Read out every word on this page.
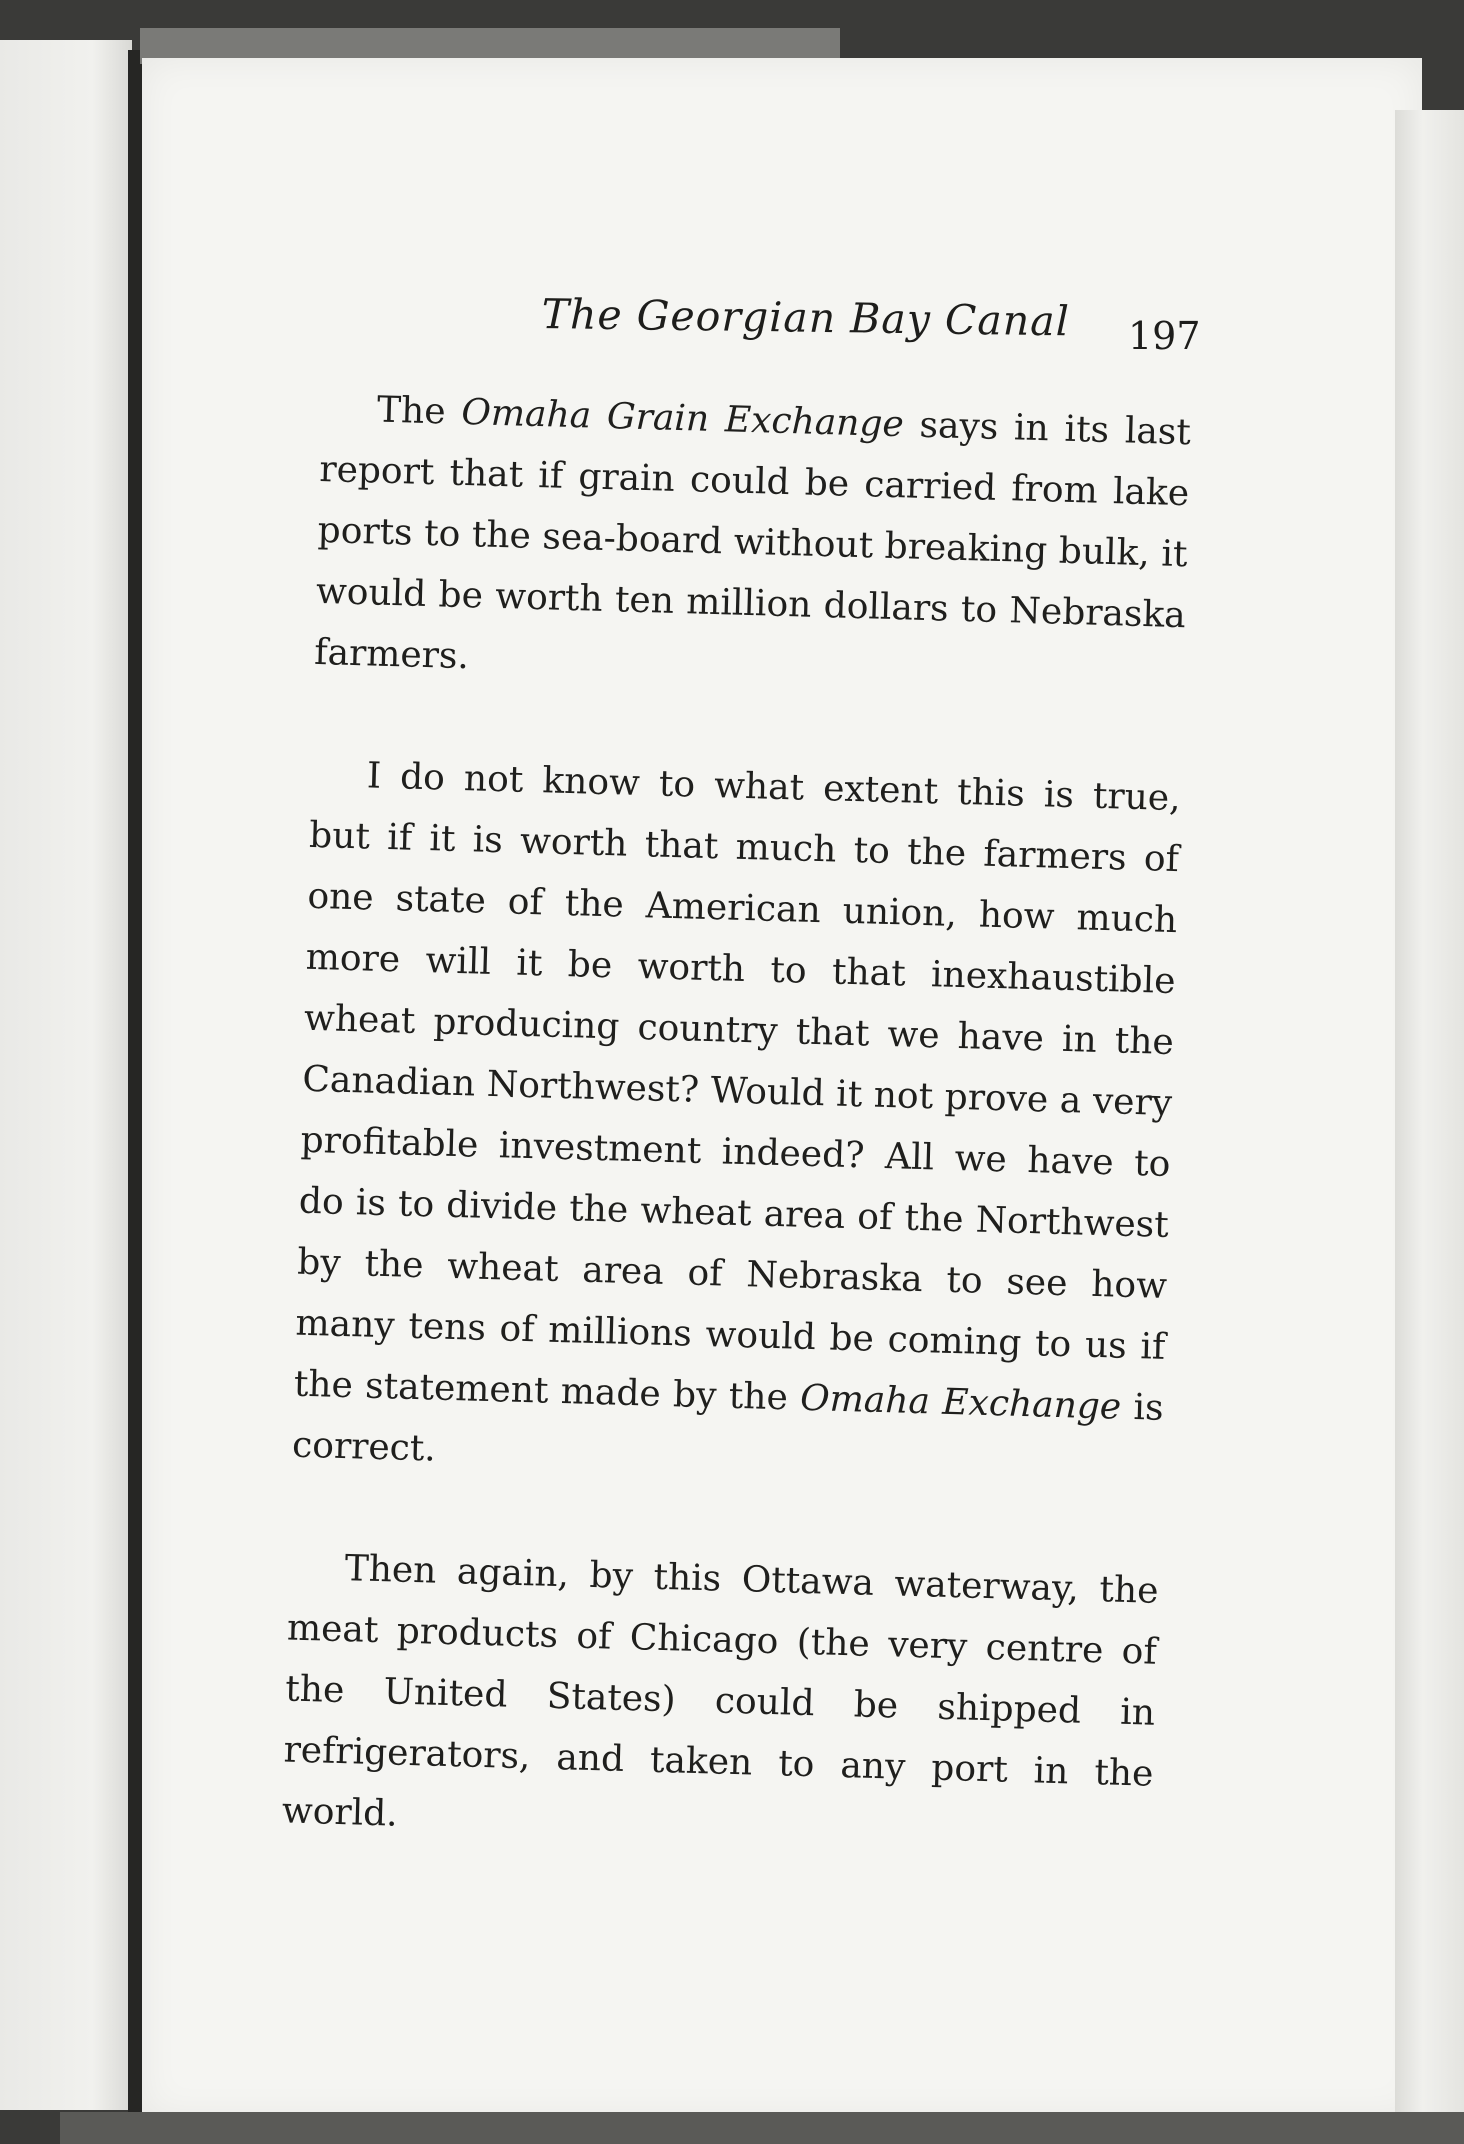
The Georgian Bay Canal 197

The Omaha Grain Exchange says in its last report that if grain could be carried from lake ports to the sea-board without breaking bulk, it would be worth ten million dollars to Nebraska farmers.

I do not know to what extent this is true, but if it is worth that much to the farmers of one state of the American union, how much more will it be worth to that inexhaustible wheat producing country that we have in the Canadian Northwest? Would it not prove a very profitable investment indeed? All we have to do is to divide the wheat area of the Northwest by the wheat area of Nebraska to see how many tens of millions would be coming to us if the statement made by the Omaha Exchange is correct.

Then again, by this Ottawa waterway, the meat products of Chicago (the very centre of the United States) could be shipped in refrigerators, and taken to any port in the world.
